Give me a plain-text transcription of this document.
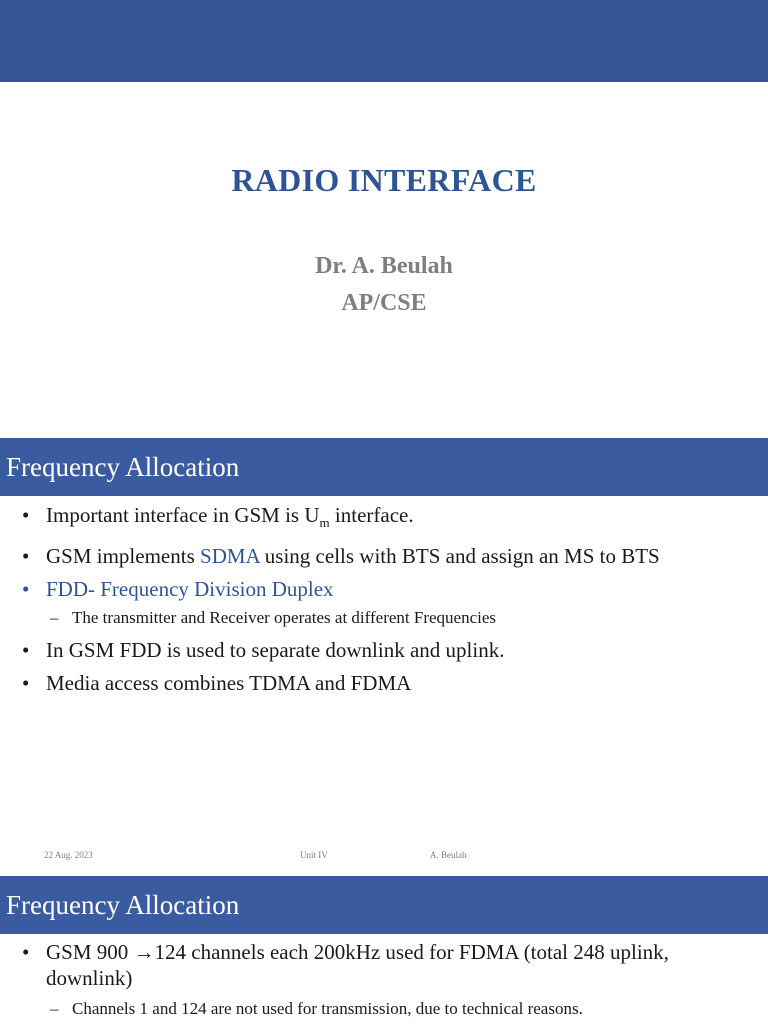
RADIO INTERFACE
Dr. A. Beulah
AP/CSE
Frequency Allocation
• Important interface in GSM is $U_m$ interface.
• GSM implements SDMA using cells with BTS and assign an MS to BTS
• FDD- Frequency Division Duplex
– The transmitter and Receiver operates at different Frequencies
• In GSM FDD is used to separate downlink and uplink.
• Media access combines TDMA and FDMA
22 Aug. 2023	Unit IV	A. Beulah
Frequency Allocation
• GSM 900 →124 channels each 200kHz used for FDMA (total 248 uplink, downlink)
– Channels 1 and 124 are not used for transmission, due to technical reasons.
